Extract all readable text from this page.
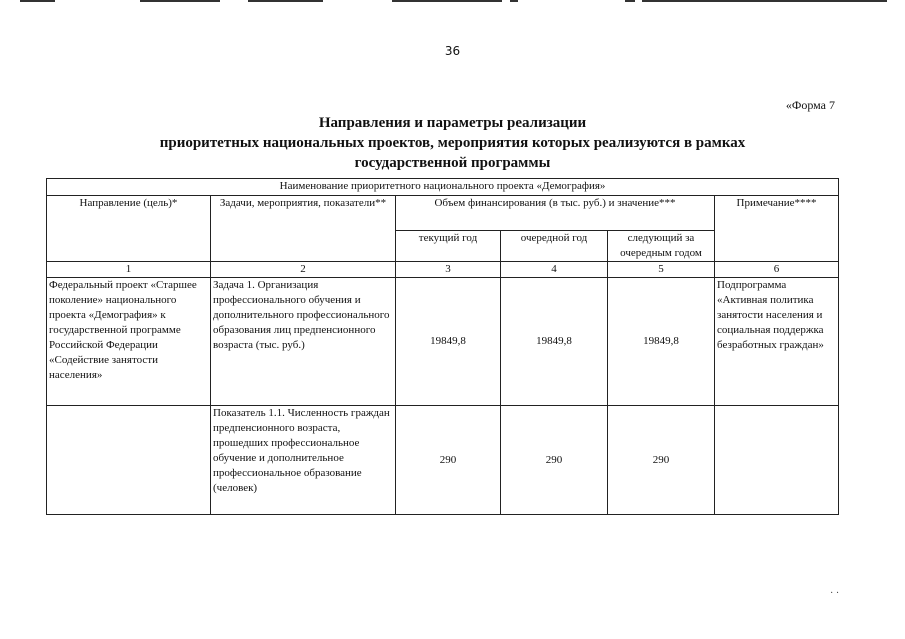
36
«Форма 7
Направления и параметры реализации
приоритетных национальных проектов, мероприятия которых реализуются в рамках
государственной программы
Наименование приоритетного национального проекта «Демография»					
Направление (цель)*	Задачи, мероприятия, показатели**	Объем финансирования (в тыс. руб.) и значение***			Примечание****
		текущий год	очередной год	следующий за очередным годом	
1	2	3	4	5	6
Федеральный проект «Старшее поколение» национального проекта «Демография» к государственной программе Российской Федерации «Содействие занятости населения»	Задача 1. Организация профессионального обучения и дополнительного профессионального образования лиц предпенсионного возраста (тыс. руб.)	19849,8	19849,8	19849,8	Подпрограмма «Активная политика занятости населения и социальная поддержка безработных граждан»
	Показатель 1.1. Численность граждан предпенсионного возраста, прошедших профессиональное обучение и дополнительное профессиональное образование (человек)	290	290	290	
· ·
